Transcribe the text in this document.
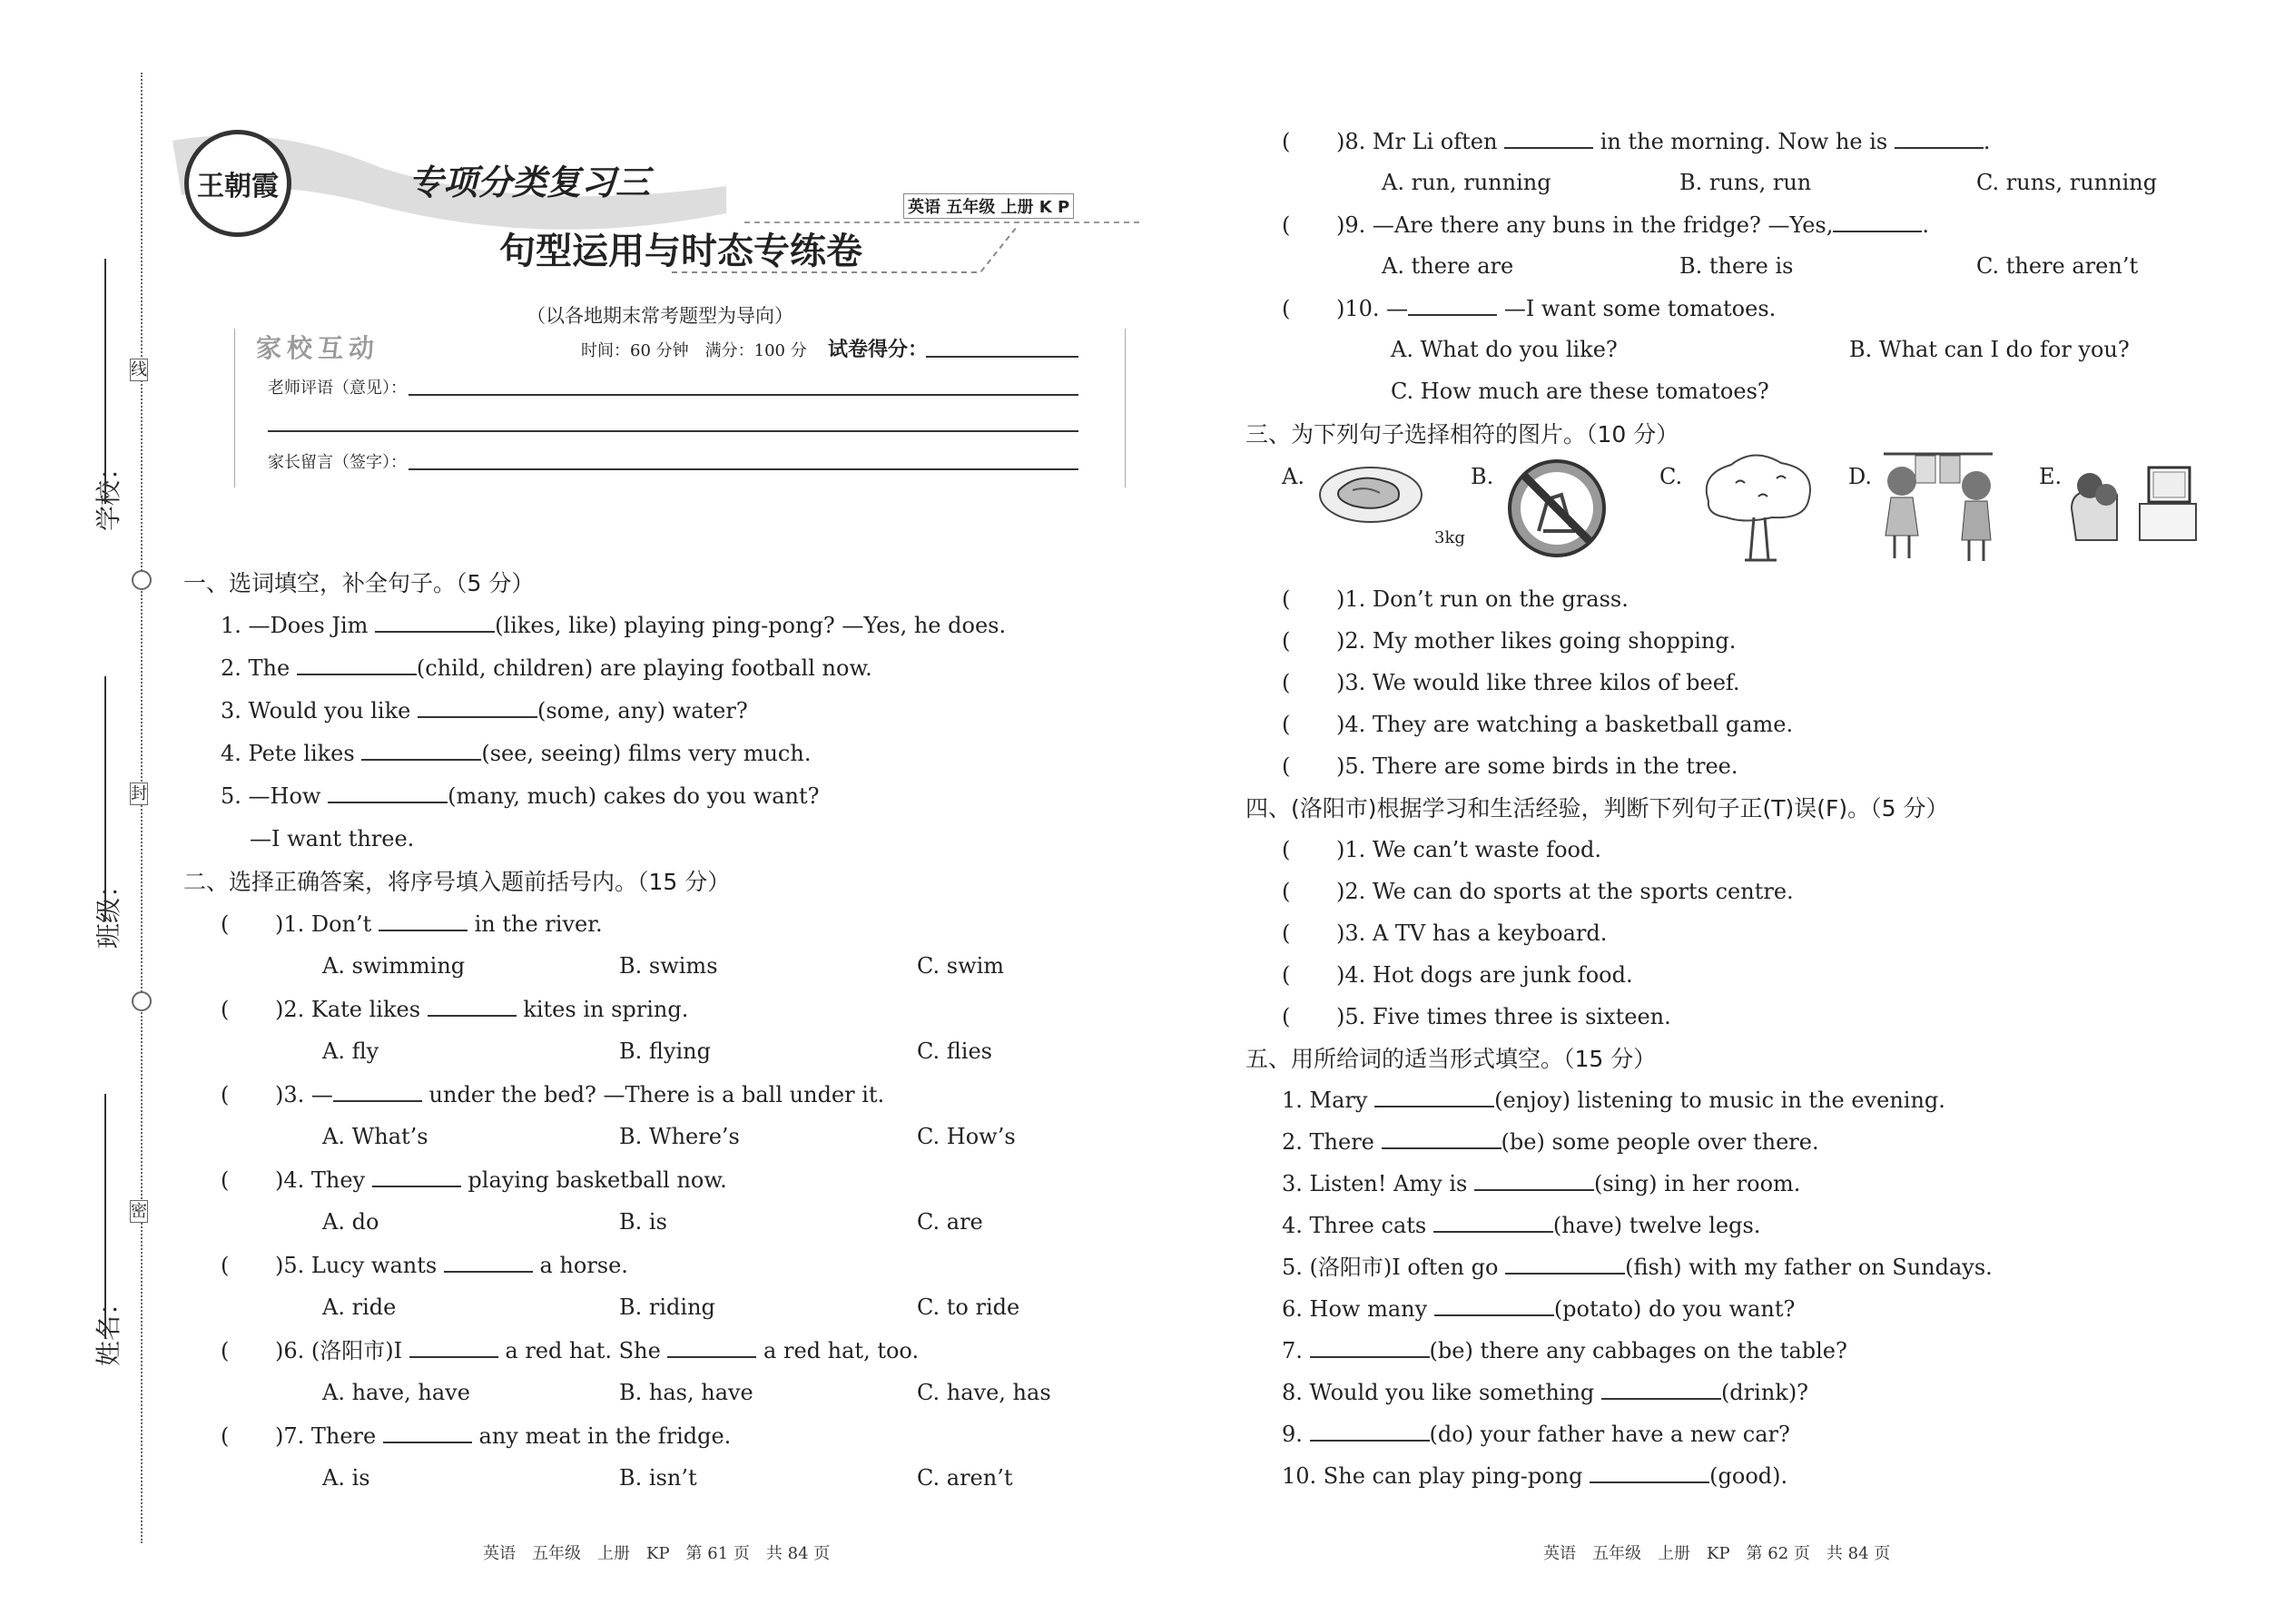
线
封
密
学校：
班级：
姓名：
王朝霞	专项分类复习三
句型运用与时态专练卷
英语 五年级 上册 K P
（以各地期末常考题型为导向）
家校互动	时间：60 分钟　满分：100 分 试卷得分：
老师评语（意见）：
家长留言（签字）：
一、选词填空，补全句子。（5 分）
1. —Does Jim	(likes, like) playing ping-pong? —Yes, he does.
2. The	(child, children) are playing football now.
3. Would you like	(some, any) water?
4. Pete likes	(see, seeing) films very much.
5. —How	(many, much) cakes do you want?
—I want three.
二、选择正确答案，将序号填入题前括号内。（15 分）
( )1. Don’t	in the river.
A. swimming	B. swims	C. swim
( )2. Kate likes	kites in spring.
A. fly	B. flying	C. flies
( )3. —	under the bed? —There is a ball under it.
A. What’s	B. Where’s	C. How’s
( )4. They	playing basketball now.
A. do	B. is	C. are
( )5. Lucy wants	a horse.
A. ride	B. riding	C. to ride
( )6. (洛阳市)I	a red hat. She	a red hat, too.
A. have, have	B. has, have	C. have, has
( )7. There	any meat in the fridge.
A. is	B. isn’t	C. aren’t
( )8. Mr Li often	in the morning. Now he is	.
A. run, running	B. runs, run	C. runs, running
( )9. —Are there any buns in the fridge? —Yes,	.
A. there are	B. there is	C. there aren’t
( )10. —	—I want some tomatoes.
A. What do you like?	B. What can I do for you?
C. How much are these tomatoes?
三、为下列句子选择相符的图片。（10 分）
A.	B.	C.	D.	E.
3kg
( )1. Don’t run on the grass.
( )2. My mother likes going shopping.
( )3. We would like three kilos of beef.
( )4. They are watching a basketball game.
( )5. There are some birds in the tree.
四、(洛阳市)根据学习和生活经验，判断下列句子正(T)误(F)。（5 分）
( )1. We can’t waste food.
( )2. We can do sports at the sports centre.
( )3. A TV has a keyboard.
( )4. Hot dogs are junk food.
( )5. Five times three is sixteen.
五、用所给词的适当形式填空。（15 分）
1. Mary	(enjoy) listening to music in the evening.
2. There	(be) some people over there.
3. Listen! Amy is	(sing) in her room.
4. Three cats	(have) twelve legs.
5. (洛阳市)I often go	(fish) with my father on Sundays.
6. How many	(potato) do you want?
7.	(be) there any cabbages on the table?
8. Would you like something	(drink)?
9.	(do) your father have a new car?
10. She can play ping-pong	(good).
英语　五年级　上册　KP　第 61 页　共 84 页	英语　五年级　上册　KP　第 62 页　共 84 页
